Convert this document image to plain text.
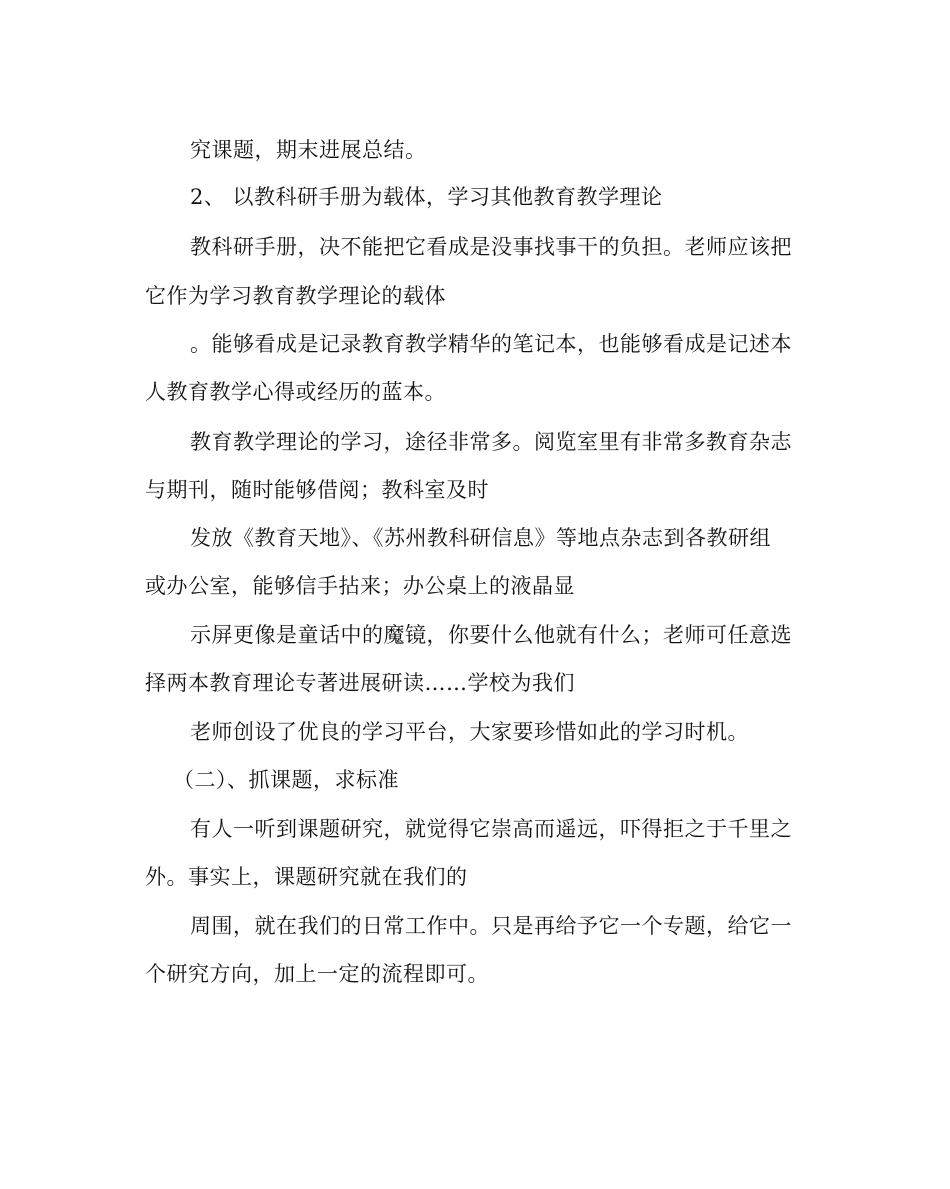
究课题，期末进展总结。

2、 以教科研手册为载体，学习其他教育教学理论

教科研手册，决不能把它看成是没事找事干的负担。老师应该把

它作为学习教育教学理论的载体

。能够看成是记录教育教学精华的笔记本，也能够看成是记述本

人教育教学心得或经历的蓝本。

教育教学理论的学习，途径非常多。阅览室里有非常多教育杂志

与期刊，随时能够借阅；教科室及时

发放《教育天地》、《苏州教科研信息》等地点杂志到各教研组

或办公室，能够信手拈来；办公桌上的液晶显

示屏更像是童话中的魔镜，你要什么他就有什么；老师可任意选

择两本教育理论专著进展研读……学校为我们

老师创设了优良的学习平台，大家要珍惜如此的学习时机。

（二）、抓课题，求标准

有人一听到课题研究，就觉得它崇高而遥远，吓得拒之于千里之

外。事实上，课题研究就在我们的

周围，就在我们的日常工作中。只是再给予它一个专题，给它一

个研究方向，加上一定的流程即可。
